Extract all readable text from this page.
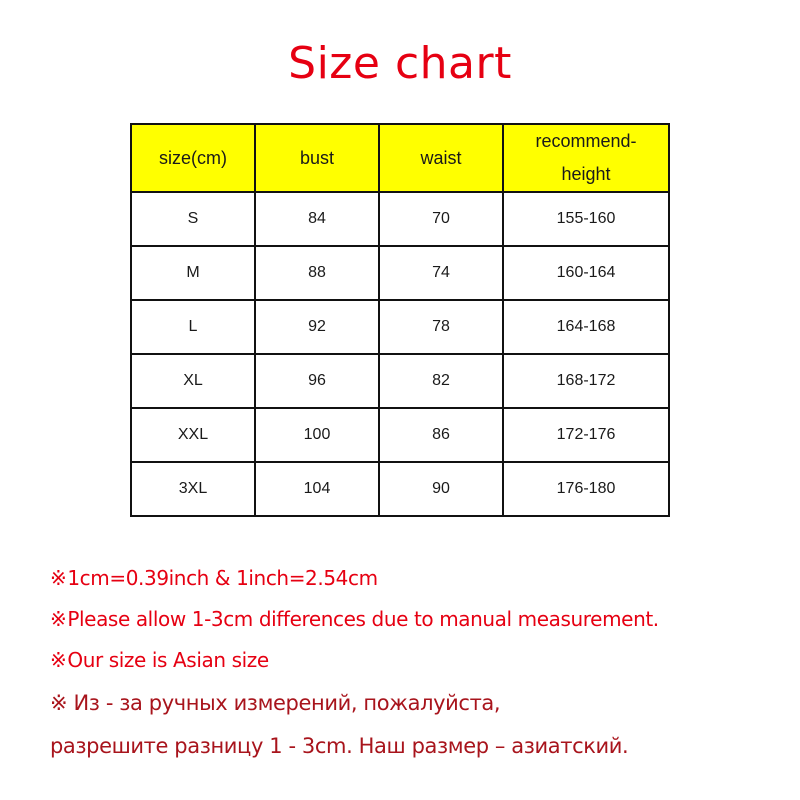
Size chart
size(cm)	bust	waist	recommend-
height

S	84	70	155-160
M	88	74	160-164
L	92	78	164-168
XL	96	82	168-172
XXL	100	86	172-176
3XL	104	90	176-180
※1cm=0.39inch & 1inch=2.54cm
※Please allow 1-3cm differences due to manual measurement.
※Our size is Asian size
※ Из - за ручных измерений, пожалуйста,
разрешите разницу 1 - 3cm. Наш размер – азиатский.
